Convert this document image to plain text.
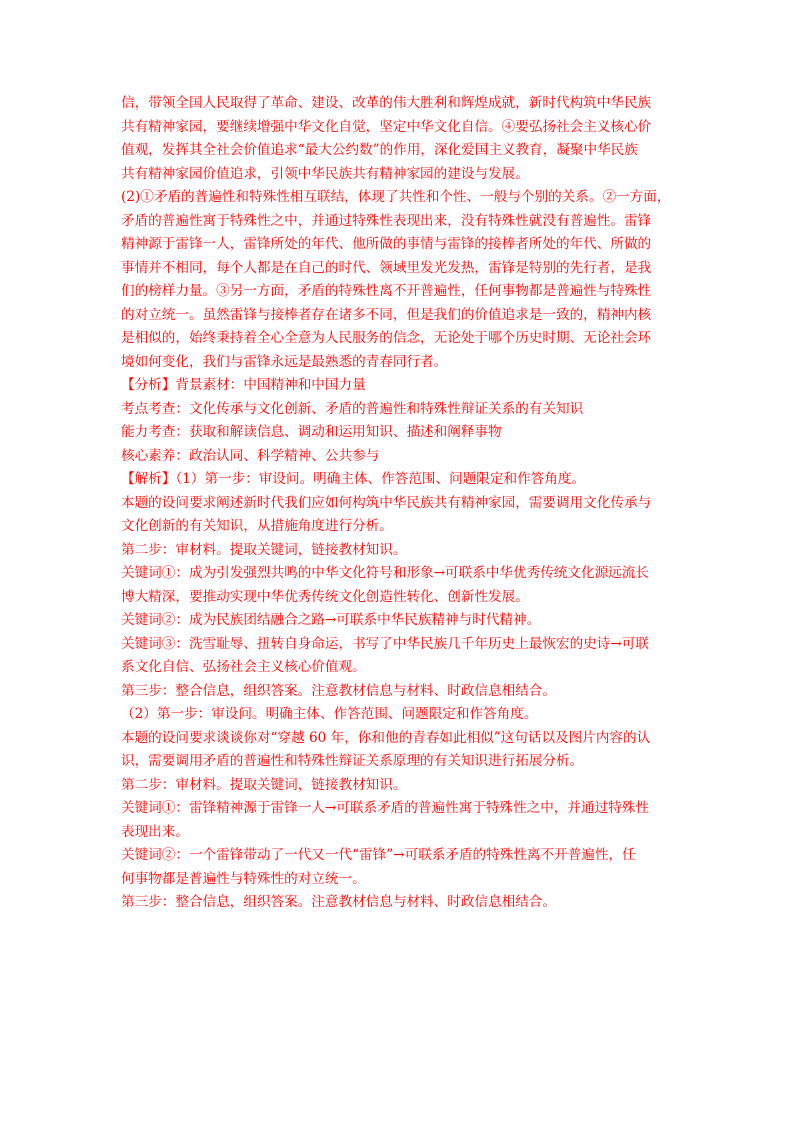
信，带领全国人民取得了革命、建设、改革的伟大胜利和辉煌成就，新时代构筑中华民族
共有精神家园，要继续增强中华文化自觉，坚定中华文化自信。④要弘扬社会主义核心价
值观，发挥其全社会价值追求“最大公约数”的作用，深化爱国主义教育，凝聚中华民族
共有精神家园价值追求，引领中华民族共有精神家园的建设与发展。
(2)①矛盾的普遍性和特殊性相互联结，体现了共性和个性、一般与个别的关系。②一方面，
矛盾的普遍性寓于特殊性之中，并通过特殊性表现出来，没有特殊性就没有普遍性。雷锋
精神源于雷锋一人，雷锋所处的年代、他所做的事情与雷锋的接棒者所处的年代、所做的
事情并不相同，每个人都是在自己的时代、领域里发光发热，雷锋是特别的先行者，是我
们的榜样力量。③另一方面，矛盾的特殊性离不开普遍性，任何事物都是普遍性与特殊性
的对立统一。虽然雷锋与接棒者存在诸多不同，但是我们的价值追求是一致的，精神内核
是相似的，始终秉持着全心全意为人民服务的信念，无论处于哪个历史时期、无论社会环
境如何变化，我们与雷锋永远是最熟悉的青春同行者。
【分析】背景素材：中国精神和中国力量
考点考查：文化传承与文化创新、矛盾的普遍性和特殊性辩证关系的有关知识
能力考查：获取和解读信息、调动和运用知识、描述和阐释事物
核心素养：政治认同、科学精神、公共参与
【解析】（1）第一步：审设问。明确主体、作答范围、问题限定和作答角度。
本题的设问要求阐述新时代我们应如何构筑中华民族共有精神家园，需要调用文化传承与
文化创新的有关知识，从措施角度进行分析。
第二步：审材料。提取关键词，链接教材知识。
关键词①：成为引发强烈共鸣的中华文化符号和形象→可联系中华优秀传统文化源远流长
博大精深，要推动实现中华优秀传统文化创造性转化、创新性发展。
关键词②：成为民族团结融合之路→可联系中华民族精神与时代精神。
关键词③：洗雪耻辱、扭转自身命运，书写了中华民族几千年历史上最恢宏的史诗→可联
系文化自信、弘扬社会主义核心价值观。
第三步：整合信息，组织答案。注意教材信息与材料、时政信息相结合。
（2）第一步：审设问。明确主体、作答范围、问题限定和作答角度。
本题的设问要求谈谈你对“穿越 60 年，你和他的青春如此相似”这句话以及图片内容的认
识，需要调用矛盾的普遍性和特殊性辩证关系原理的有关知识进行拓展分析。
第二步：审材料。提取关键词，链接教材知识。
关键词①：雷锋精神源于雷锋一人→可联系矛盾的普遍性寓于特殊性之中，并通过特殊性
表现出来。
关键词②：一个雷锋带动了一代又一代“雷锋”→可联系矛盾的特殊性离不开普遍性，任
何事物都是普遍性与特殊性的对立统一。
第三步：整合信息，组织答案。注意教材信息与材料、时政信息相结合。
